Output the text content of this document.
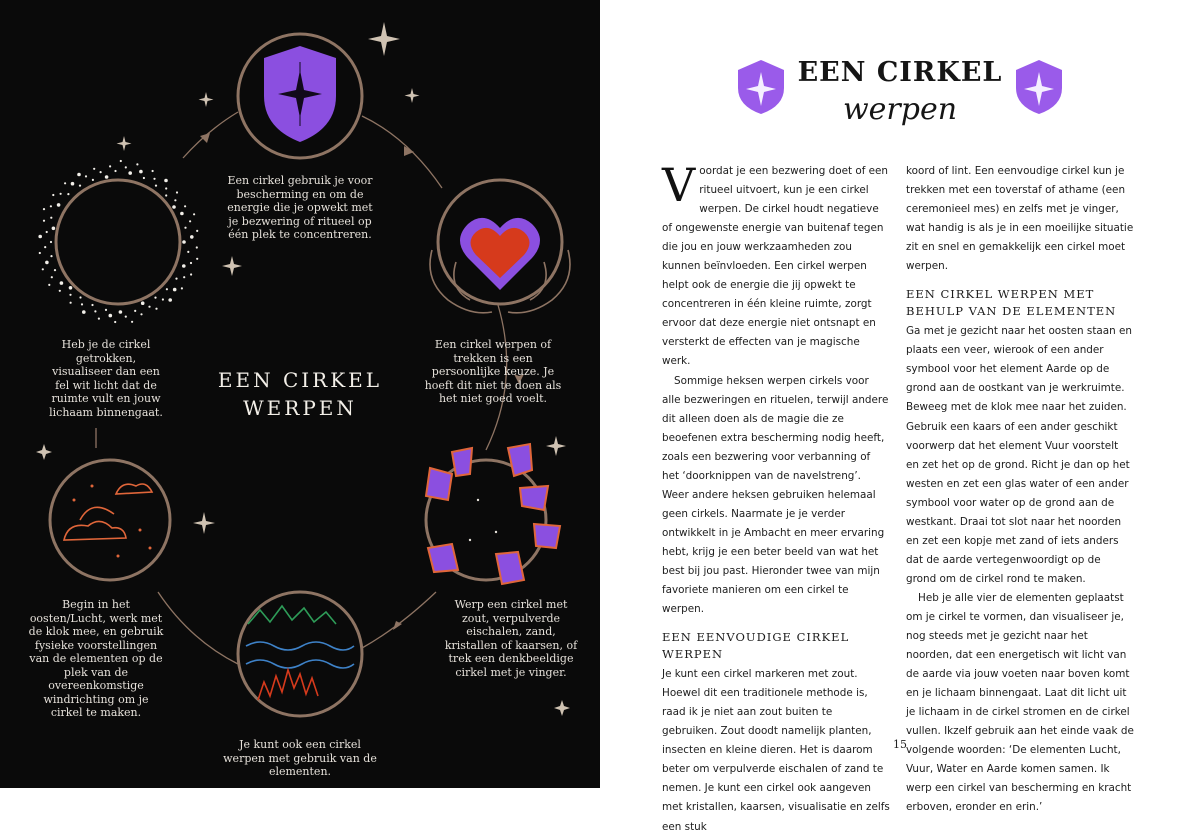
Een cirkel gebruik je voor bescherming en om de energie die je opwekt met je bezwering of ritueel op één plek te concentreren.
Een cirkel werpen of trekken is een persoonlijke keuze. Je hoeft dit niet te doen als het niet goed voelt.
Werp een cirkel met zout, verpulverde eischalen, zand, kristallen of kaarsen, of trek een denkbeeldige cirkel met je vinger.
Je kunt ook een cirkel werpen met gebruik van de elementen.
Begin in het oosten/Lucht, werk met de klok mee, en gebruik fysieke voorstellingen van de elementen op de plek van de overeenkomstige windrichting om je cirkel te maken.
Heb je de cirkel getrokken, visualiseer dan een fel wit licht dat de ruimte vult en jouw lichaam binnengaat.
EEN CIRKEL WERPEN
EEN CIRKEL
werpen

Voordat je een bezwering doet of een ritueel uitvoert, kun je een cirkel werpen. De cirkel houdt negatieve of ongewenste energie van buitenaf tegen die jou en jouw werkzaamheden zou kunnen beïnvloeden. Een cirkel werpen helpt ook de energie die jij opwekt te concentreren in één kleine ruimte, zorgt ervoor dat deze energie niet ontsnapt en versterkt de effecten van je magische werk.

Sommige heksen werpen cirkels voor alle bezweringen en rituelen, terwijl andere dit alleen doen als de magie die ze beoefenen extra bescherming nodig heeft, zoals een bezwering voor verbanning of het ‘doorknippen van de navelstreng’. Weer andere heksen gebruiken helemaal geen cirkels. Naarmate je je verder ontwikkelt in je Ambacht en meer ervaring hebt, krijg je een beter beeld van wat het best bij jou past. Hieronder twee van mijn favoriete manieren om een cirkel te werpen.

EEN EENVOUDIGE CIRKEL WERPEN

Je kunt een cirkel markeren met zout. Hoewel dit een traditionele methode is, raad ik je niet aan zout buiten te gebruiken. Zout doodt namelijk planten, insecten en kleine dieren. Het is daarom beter om verpulverde eischalen of zand te nemen. Je kunt een cirkel ook aangeven met kristallen, kaarsen, visualisatie en zelfs een stuk

koord of lint. Een eenvoudige cirkel kun je trekken met een toverstaf of athame (een ceremonieel mes) en zelfs met je vinger, wat handig is als je in een moeilijke situatie zit en snel en gemakkelijk een cirkel moet werpen.

EEN CIRKEL WERPEN MET BEHULP VAN DE ELEMENTEN

Ga met je gezicht naar het oosten staan en plaats een veer, wierook of een ander symbool voor het element Aarde op de grond aan de oostkant van je werkruimte. Beweeg met de klok mee naar het zuiden. Gebruik een kaars of een ander geschikt voorwerp dat het element Vuur voorstelt en zet het op de grond. Richt je dan op het westen en zet een glas water of een ander symbool voor water op de grond aan de westkant. Draai tot slot naar het noorden en zet een kopje met zand of iets anders dat de aarde vertegenwoordigt op de grond om de cirkel rond te maken.

Heb je alle vier de elementen geplaatst om je cirkel te vormen, dan visualiseer je, nog steeds met je gezicht naar het noorden, dat een energetisch wit licht van de aarde via jouw voeten naar boven komt en je lichaam binnengaat. Laat dit licht uit je lichaam in de cirkel stromen en de cirkel vullen. Ikzelf gebruik aan het einde vaak de volgende woorden: ‘De elementen Lucht, Vuur, Water en Aarde komen samen. Ik werp een cirkel van bescherming en kracht erboven, eronder en erin.’

15
